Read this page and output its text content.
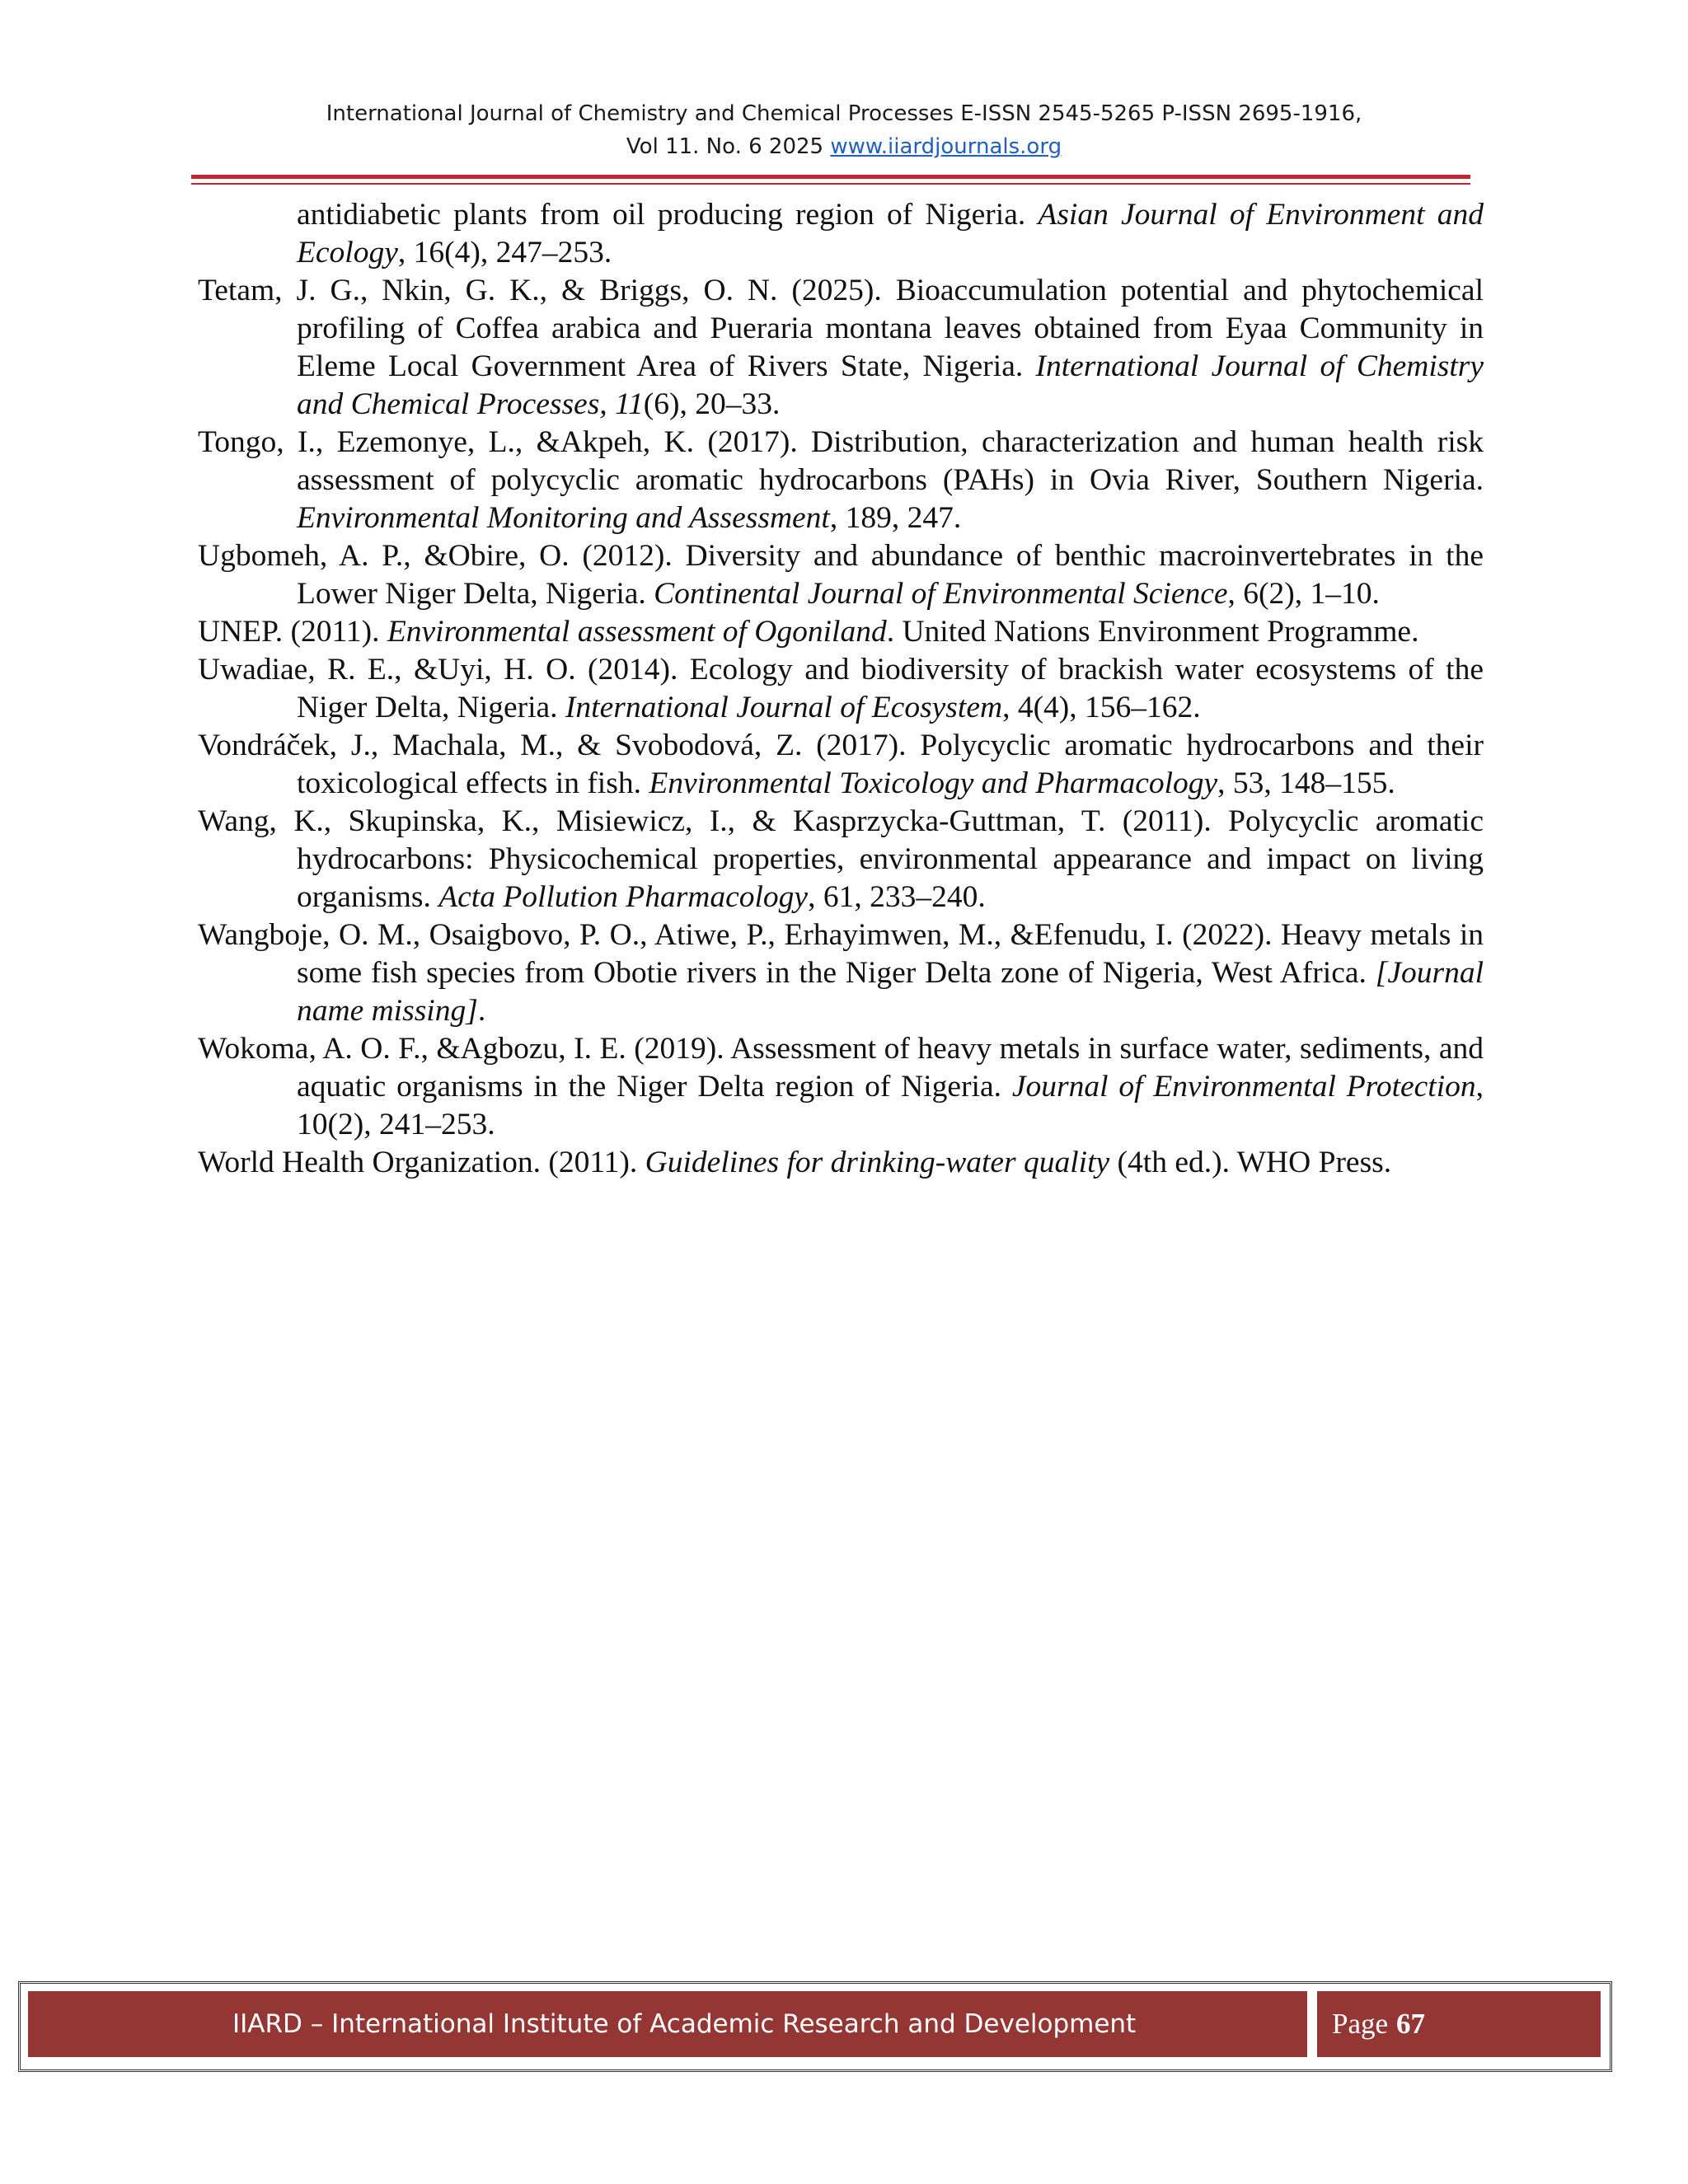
International Journal of Chemistry and Chemical Processes E-ISSN 2545-5265 P-ISSN 2695-1916,
Vol 11. No. 6 2025 www.iiardjournals.org

antidiabetic plants from oil producing region of Nigeria. Asian Journal of Environment and Ecology, 16(4), 247–253.

Tetam, J. G., Nkin, G. K., & Briggs, O. N. (2025). Bioaccumulation potential and phytochemical profiling of Coffea arabica and Pueraria montana leaves obtained from Eyaa Community in Eleme Local Government Area of Rivers State, Nigeria. International Journal of Chemistry and Chemical Processes, 11(6), 20–33.

Tongo, I., Ezemonye, L., &Akpeh, K. (2017). Distribution, characterization and human health risk assessment of polycyclic aromatic hydrocarbons (PAHs) in Ovia River, Southern Nigeria. Environmental Monitoring and Assessment, 189, 247.

Ugbomeh, A. P., &Obire, O. (2012). Diversity and abundance of benthic macroinvertebrates in the Lower Niger Delta, Nigeria. Continental Journal of Environmental Science, 6(2), 1–10.

UNEP. (2011). Environmental assessment of Ogoniland. United Nations Environment Programme.

Uwadiae, R. E., &Uyi, H. O. (2014). Ecology and biodiversity of brackish water ecosystems of the Niger Delta, Nigeria. International Journal of Ecosystem, 4(4), 156–162.

Vondráček, J., Machala, M., & Svobodová, Z. (2017). Polycyclic aromatic hydrocarbons and their toxicological effects in fish. Environmental Toxicology and Pharmacology, 53, 148–155.

Wang, K., Skupinska, K., Misiewicz, I., & Kasprzycka-Guttman, T. (2011). Polycyclic aromatic hydrocarbons: Physicochemical properties, environmental appearance and impact on living organisms. Acta Pollution Pharmacology, 61, 233–240.

Wangboje, O. M., Osaigbovo, P. O., Atiwe, P., Erhayimwen, M., &Efenudu, I. (2022). Heavy metals in some fish species from Obotie rivers in the Niger Delta zone of Nigeria, West Africa. [Journal name missing].

Wokoma, A. O. F., &Agbozu, I. E. (2019). Assessment of heavy metals in surface water, sediments, and aquatic organisms in the Niger Delta region of Nigeria. Journal of Environmental Protection, 10(2), 241–253.

World Health Organization. (2011). Guidelines for drinking-water quality (4th ed.). WHO Press.

IIARD – International Institute of Academic Research and Development	Page 67
